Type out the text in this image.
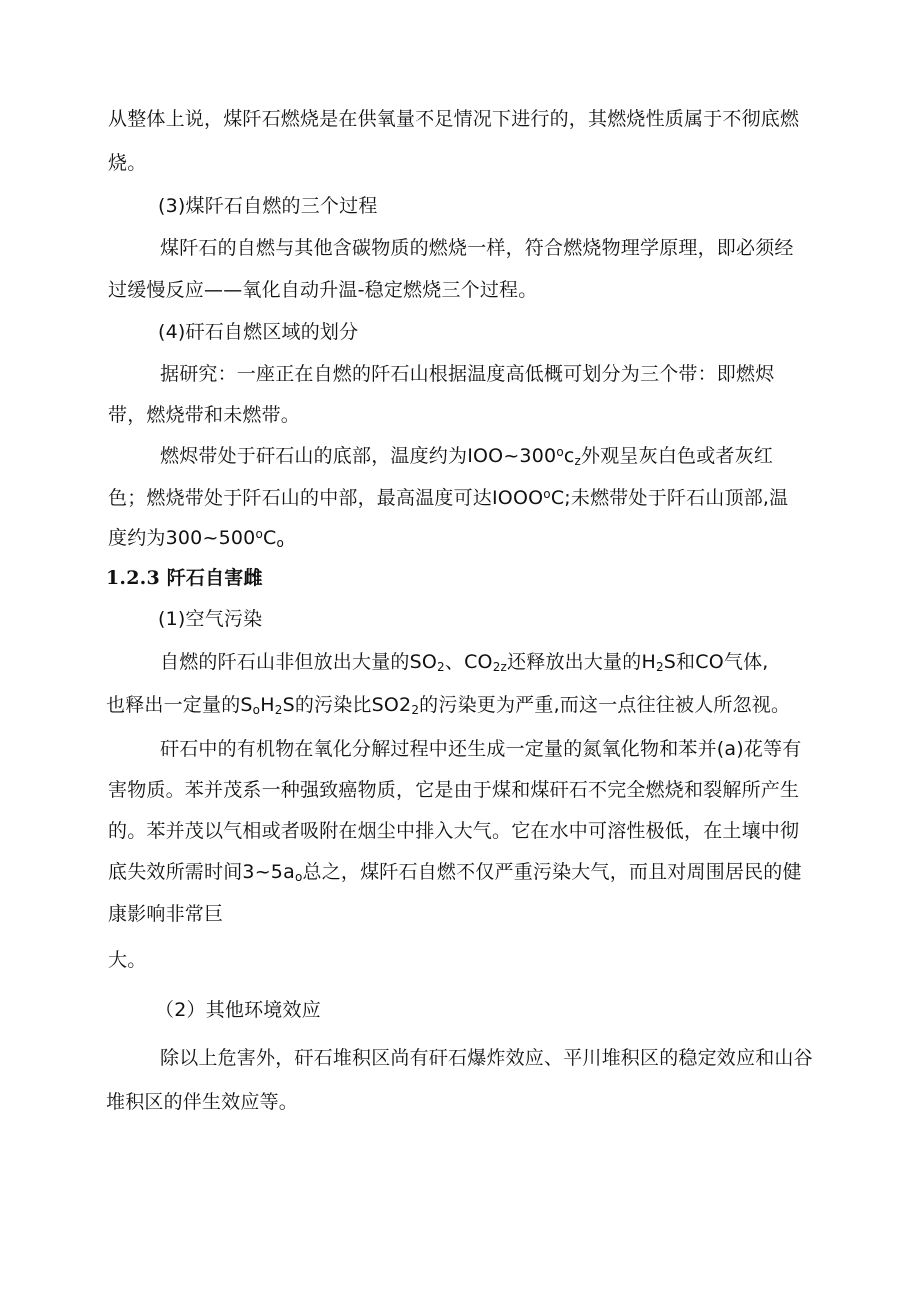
从整体上说，煤阡石燃烧是在供氧量不足情况下进行的，其燃烧性质属于不彻底燃
烧。
(3)煤阡石自燃的三个过程
煤阡石的自燃与其他含碳物质的燃烧一样，符合燃烧物理学原理，即必须经
过缓慢反应——氧化自动升温-稳定燃烧三个过程。
(4)矸石自燃区域的划分
据研究：一座正在自燃的阡石山根据温度高低概可划分为三个带：即燃烬
带，燃烧带和未燃带。
燃烬带处于矸石山的底部，温度约为$IOO\sim 300^oc_z$外观呈灰白色或者灰红
色；燃烧带处于阡石山的中部，最高温度可达IOOO$^o$C;未燃带处于阡石山顶部,温
度约为$300\sim 500^oC_o$
1.2.3 阡石自害雌
(1)空气污染
自燃的阡石山非但放出大量的$SO_2$、$CO_{2z}$还释放出大量的$H_2S$和CO气体,
也释出一定量的$S_oH_2S$的污染比$SO2_2$的污染更为严重,而这一点往往被人所忽视。
矸石中的有机物在氧化分解过程中还生成一定量的氮氧化物和苯并(a)花等有
害物质。苯并茂系一种强致癌物质，它是由于煤和煤矸石不完全燃烧和裂解所产生
的。苯并茂以气相或者吸附在烟尘中排入大气。它在水中可溶性极低，在土壤中彻
底失效所需时间$3\sim 5a_o$总之，煤阡石自燃不仅严重污染大气，而且对周围居民的健
康影响非常巨
大。
（2）其他环境效应
除以上危害外，矸石堆积区尚有矸石爆炸效应、平川堆积区的稳定效应和山谷
堆积区的伴生效应等。
